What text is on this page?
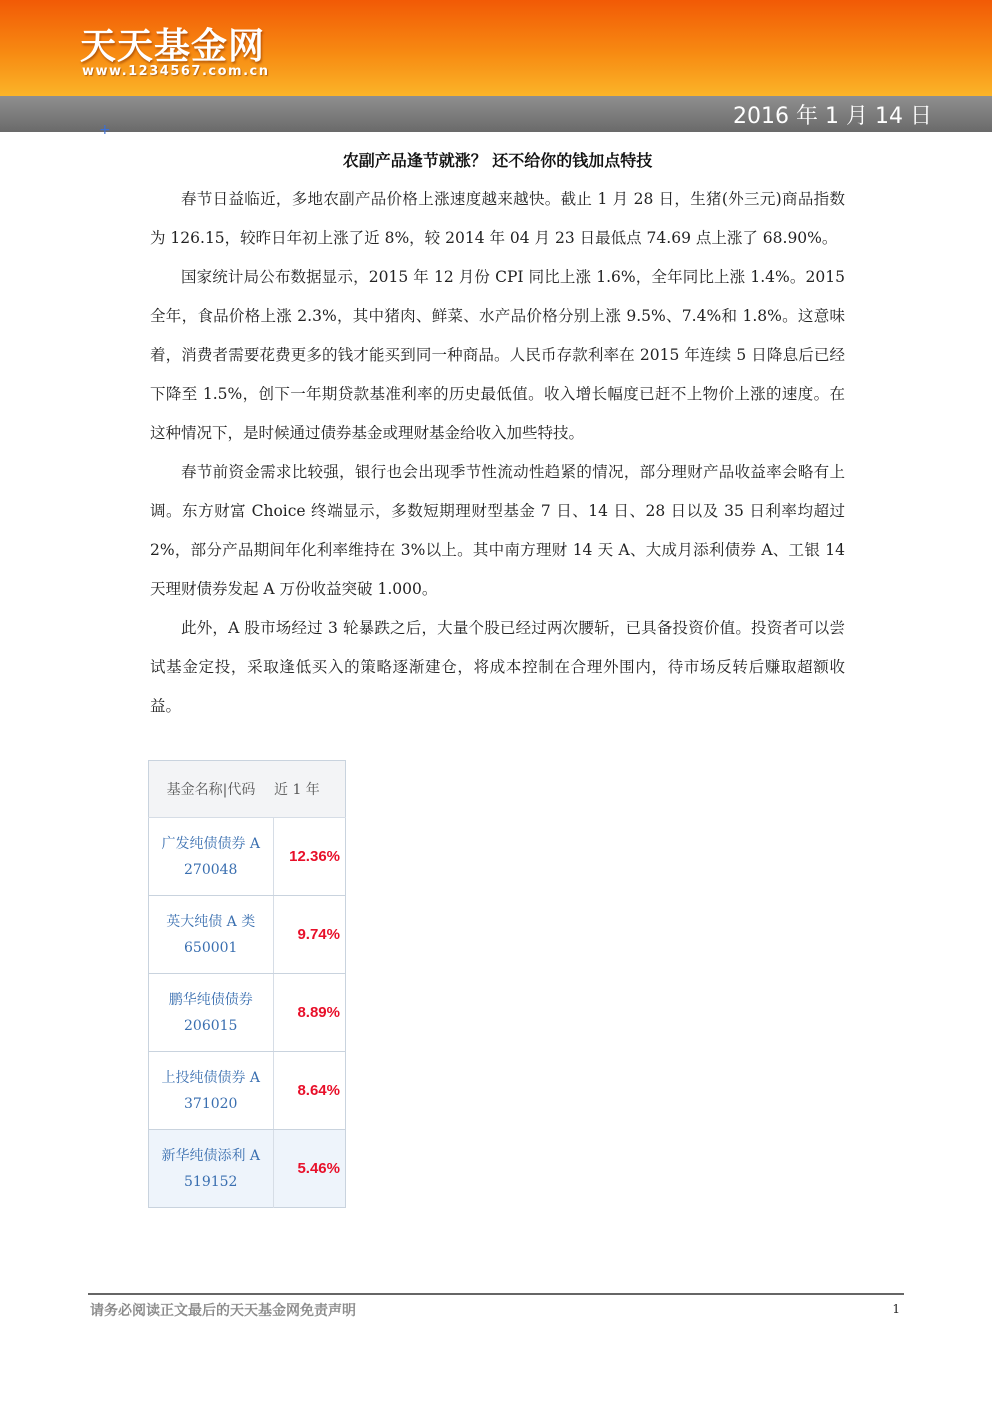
天天基金网
www.1234567.com.cn
2016 年 1 月 14 日
+
农副产品逢节就涨？ 还不给你的钱加点特技

春节日益临近，多地农副产品价格上涨速度越来越快。截止 1 月 28 日，生猪(外三元)商品指数为 126.15，较昨日年初上涨了近 8%，较 2014 年 04 月 23 日最低点 74.69 点上涨了 68.90%。

国家统计局公布数据显示，2015 年 12 月份 CPI 同比上涨 1.6%，全年同比上涨 1.4%。2015 全年，食品价格上涨 2.3%，其中猪肉、鲜菜、水产品价格分别上涨 9.5%、7.4%和 1.8%。这意味着，消费者需要花费更多的钱才能买到同一种商品。人民币存款利率在 2015 年连续 5 日降息后已经下降至 1.5%，创下一年期贷款基准利率的历史最低值。收入增长幅度已赶不上物价上涨的速度。在这种情况下，是时候通过债券基金或理财基金给收入加些特技。

春节前资金需求比较强，银行也会出现季节性流动性趋紧的情况，部分理财产品收益率会略有上调。东方财富 Choice 终端显示，多数短期理财型基金 7 日、14 日、28 日以及 35 日利率均超过 2%，部分产品期间年化利率维持在 3%以上。其中南方理财 14 天 A、大成月添利债券 A、工银 14 天理财债券发起 A 万份收益突破 1.000。

此外，A 股市场经过 3 轮暴跌之后，大量个股已经过两次腰斩，已具备投资价值。投资者可以尝试基金定投，采取逢低买入的策略逐渐建仓，将成本控制在合理外围内，待市场反转后赚取超额收益。

基金名称|代码	近 1 年

广发纯债债券 A
270048	12.36%

英大纯债 A 类
650001	9.74%

鹏华纯债债券
206015	8.89%

上投纯债债券 A
371020	8.64%

新华纯债添利 A
519152	5.46%
请务必阅读正文最后的天天基金网免责声明	1
